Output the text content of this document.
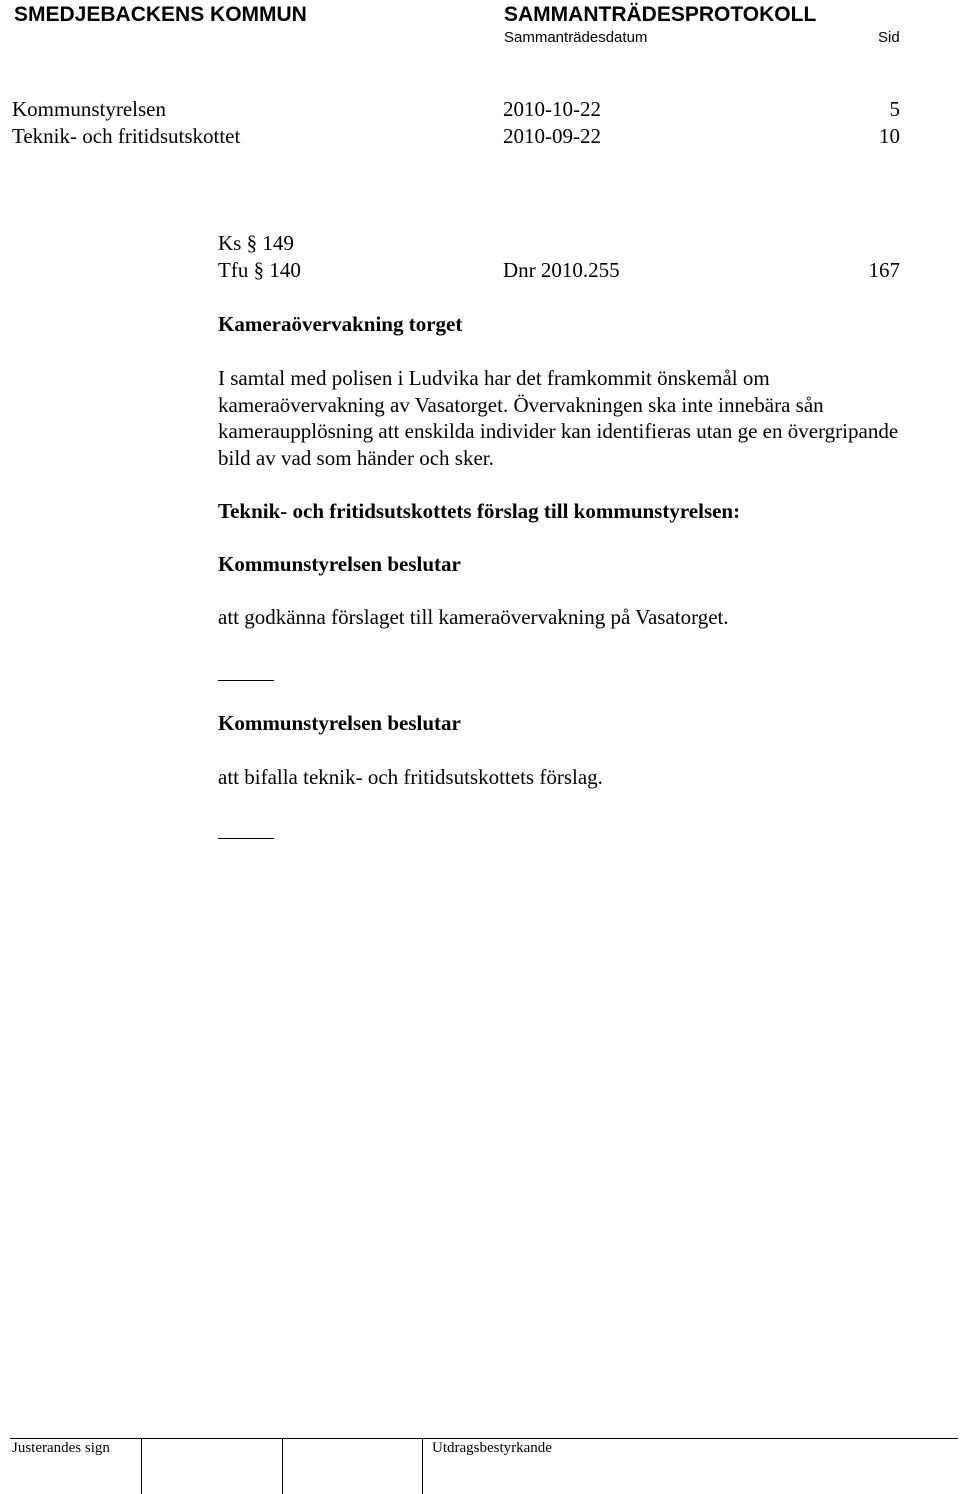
SMEDJEBACKENS KOMMUN	SAMMANTRÄDESPROTOKOLL
Sammanträdesdatum	Sid
Kommunstyrelsen	2010-10-22	5
Teknik- och fritidsutskottet	2010-09-22	10
Ks § 149
Tfu § 140	Dnr 2010.255	167
Kameraövervakning torget
I samtal med polisen i Ludvika har det framkommit önskemål om kameraövervakning av Vasatorget. Övervakningen ska inte innebära sån kameraupplösning att enskilda individer kan identifieras utan ge en övergripande bild av vad som händer och sker.
Teknik- och fritidsutskottets förslag till kommunstyrelsen:
Kommunstyrelsen beslutar
att godkänna förslaget till kameraövervakning på Vasatorget.
Kommunstyrelsen beslutar
att bifalla teknik- och fritidsutskottets förslag.
Justerandes sign	Utdragsbestyrkande
